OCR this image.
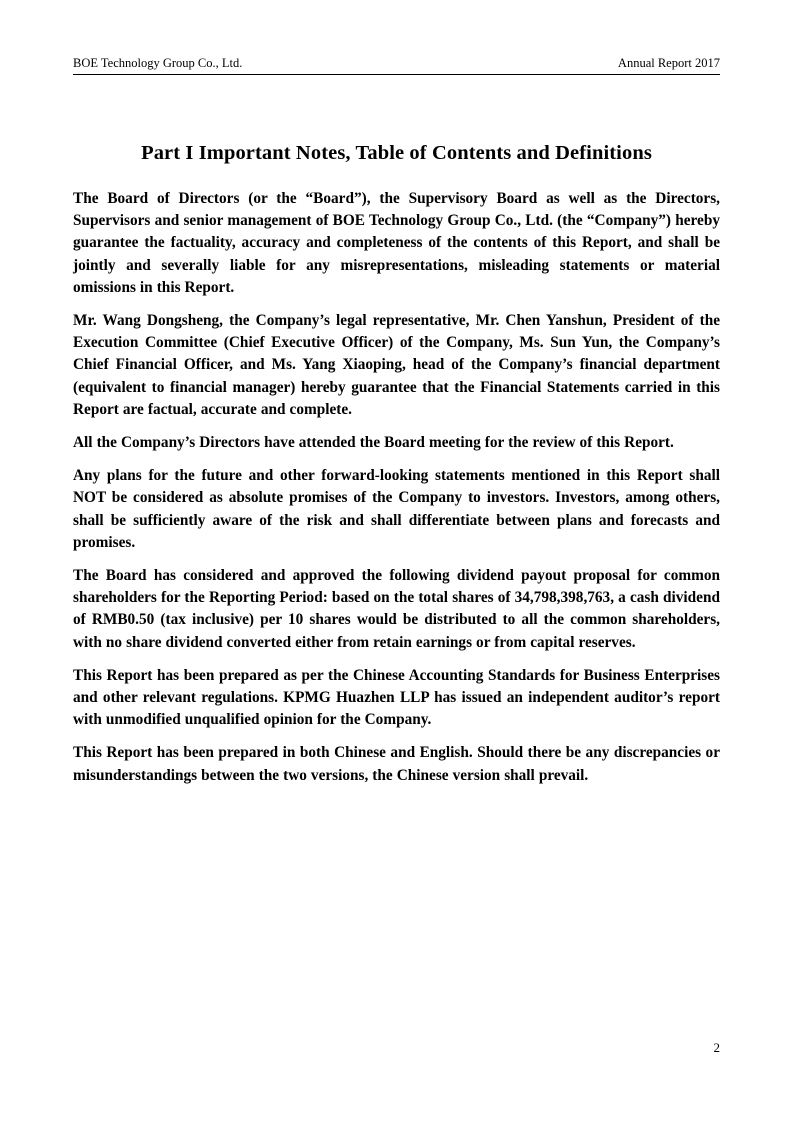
BOE Technology Group Co., Ltd.	Annual Report 2017
Part I Important Notes, Table of Contents and Definitions

The Board of Directors (or the “Board”), the Supervisory Board as well as the Directors, Supervisors and senior management of BOE Technology Group Co., Ltd. (the “Company”) hereby guarantee the factuality, accuracy and completeness of the contents of this Report, and shall be jointly and severally liable for any misrepresentations, misleading statements or material omissions in this Report.

Mr. Wang Dongsheng, the Company’s legal representative, Mr. Chen Yanshun, President of the Execution Committee (Chief Executive Officer) of the Company, Ms. Sun Yun, the Company’s Chief Financial Officer, and Ms. Yang Xiaoping, head of the Company’s financial department (equivalent to financial manager) hereby guarantee that the Financial Statements carried in this Report are factual, accurate and complete.

All the Company’s Directors have attended the Board meeting for the review of this Report.

Any plans for the future and other forward-looking statements mentioned in this Report shall NOT be considered as absolute promises of the Company to investors. Investors, among others, shall be sufficiently aware of the risk and shall differentiate between plans and forecasts and promises.

The Board has considered and approved the following dividend payout proposal for common shareholders for the Reporting Period: based on the total shares of 34,798,398,763, a cash dividend of RMB0.50 (tax inclusive) per 10 shares would be distributed to all the common shareholders, with no share dividend converted either from retain earnings or from capital reserves.

This Report has been prepared as per the Chinese Accounting Standards for Business Enterprises and other relevant regulations. KPMG Huazhen LLP has issued an independent auditor’s report with unmodified unqualified opinion for the Company.

This Report has been prepared in both Chinese and English. Should there be any discrepancies or misunderstandings between the two versions, the Chinese version shall prevail.

2
